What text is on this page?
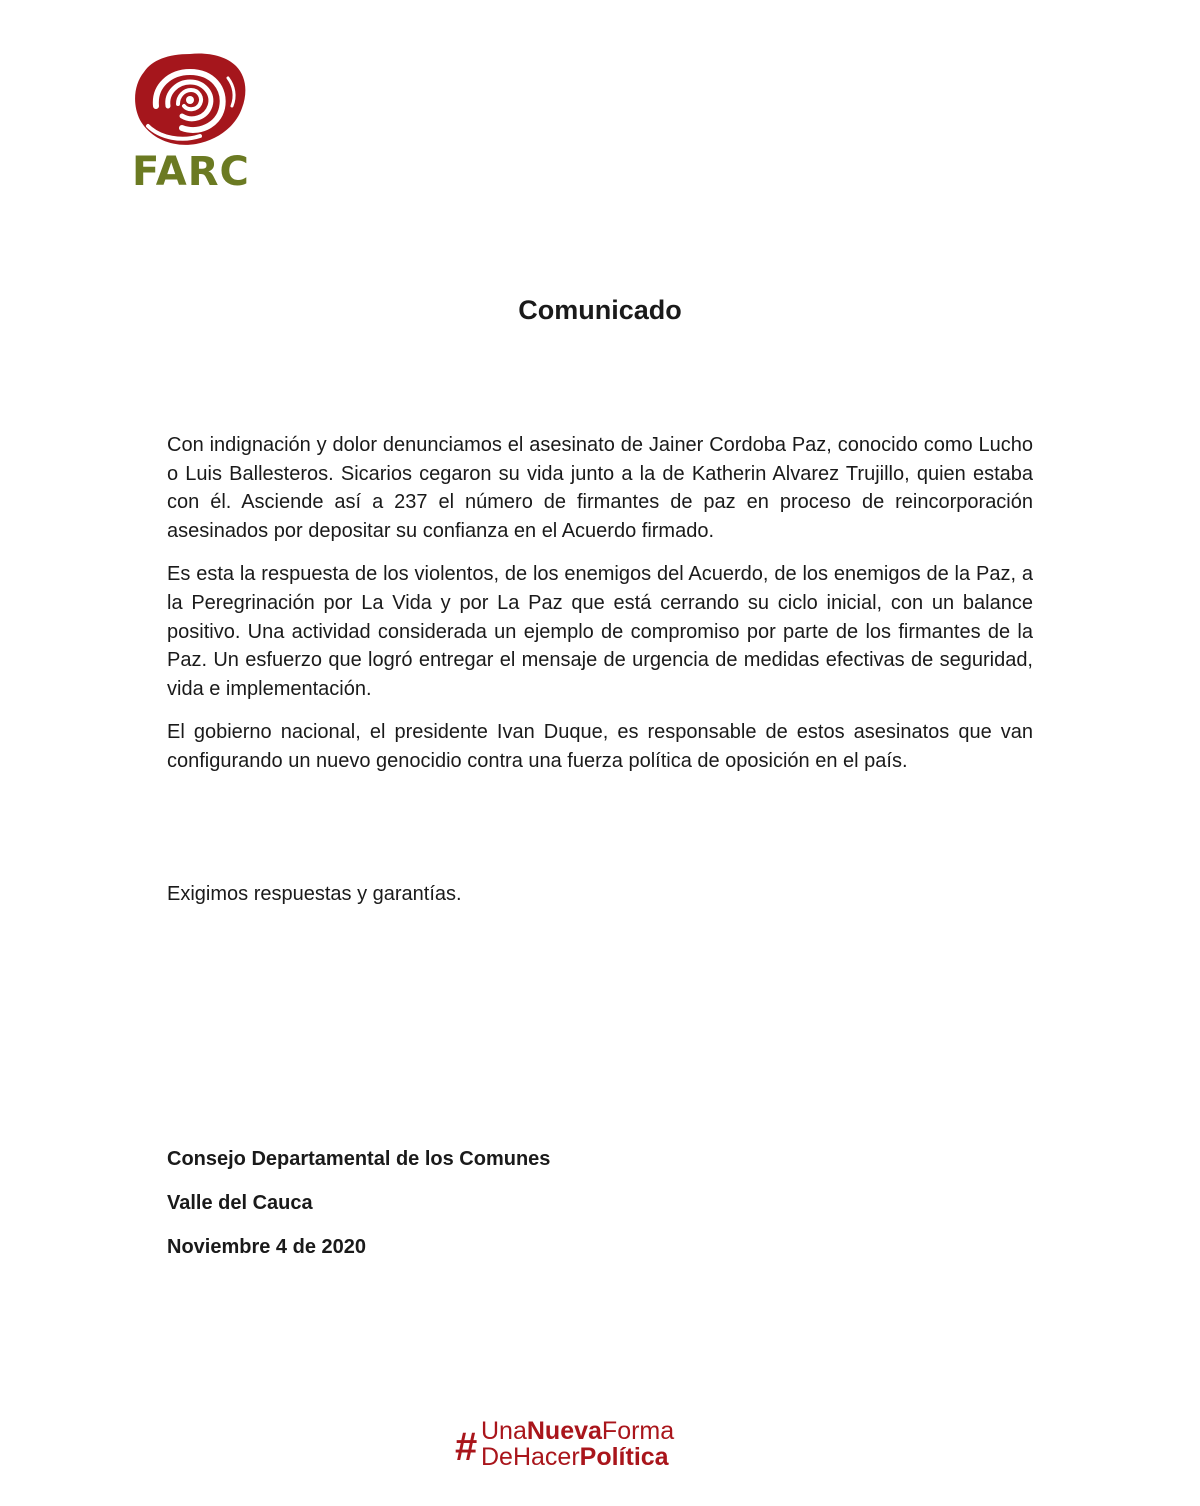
FARC
Comunicado

Con indignación y dolor denunciamos el asesinato de Jainer Cordoba Paz, conocido como Lucho o Luis Ballesteros. Sicarios cegaron su vida junto a la de Katherin Alvarez Trujillo, quien estaba con él. Asciende así a 237 el número de firmantes de paz en proceso de reincorporación asesinados por depositar su confianza en el Acuerdo firmado.

Es esta la respuesta de los violentos, de los enemigos del Acuerdo, de los enemigos de la Paz, a la Peregrinación por La Vida y por La Paz que está cerrando su ciclo inicial, con un balance positivo. Una actividad considerada un ejemplo de compromiso por parte de los firmantes de la Paz. Un esfuerzo que logró entregar el mensaje de urgencia de medidas efectivas de seguridad, vida e implementación.

El gobierno nacional, el presidente Ivan Duque, es responsable de estos asesinatos que van configurando un nuevo genocidio contra una fuerza política de oposición en el país.

Exigimos respuestas y garantías.
Consejo Departamental de los Comunes
Valle del Cauca
Noviembre 4 de 2020
# UnaNuevaForma
DeHacerPolítica
